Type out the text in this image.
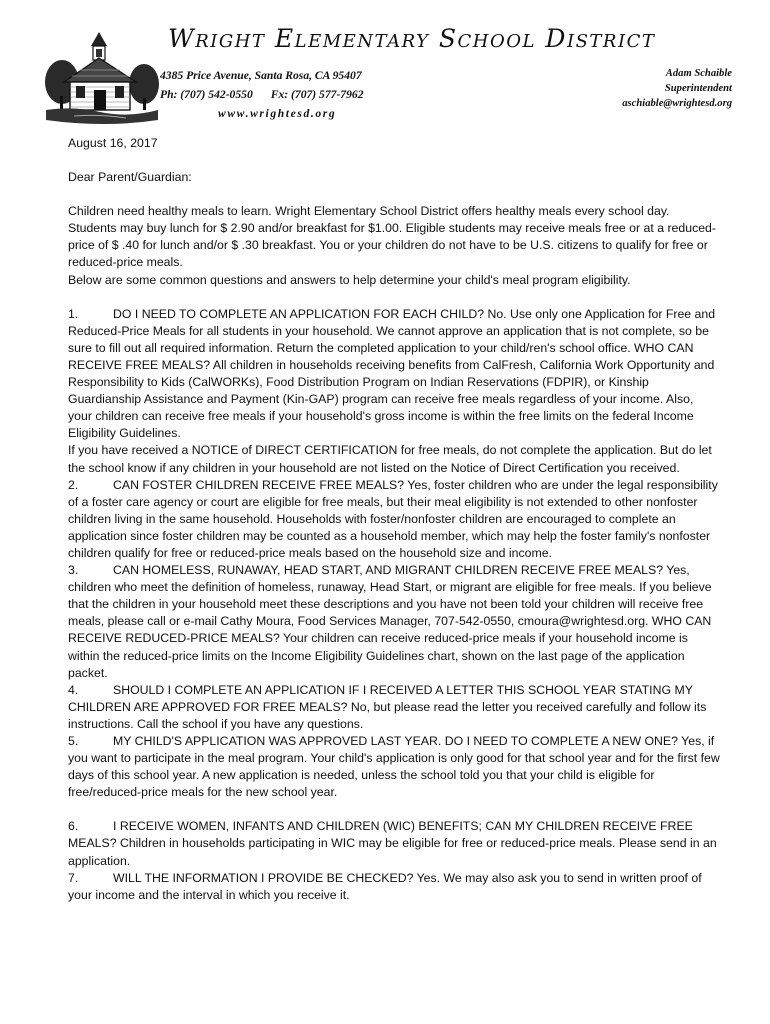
Wright Elementary School District
4385 Price Avenue, Santa Rosa, CA 95407
Ph: (707) 542-0550 Fx: (707) 577-7962
www.wrightesd.org
Adam Schaible
Superintendent
aschiable@wrightesd.org

August 16, 2017

Dear Parent/Guardian:

Children need healthy meals to learn. Wright Elementary School District offers healthy meals every school day. Students may buy lunch for $ 2.90 and/or breakfast for $1.00. Eligible students may receive meals free or at a reduced-price of $ .40 for lunch and/or $ .30 breakfast. You or your children do not have to be U.S. citizens to qualify for free or reduced-price meals.

Below are some common questions and answers to help determine your child's meal program eligibility.

1.	DO I NEED TO COMPLETE AN APPLICATION FOR EACH CHILD? No. Use only one Application for Free and Reduced-Price Meals for all students in your household. We cannot approve an application that is not complete, so be sure to fill out all required information. Return the completed application to your child/ren's school office. WHO CAN RECEIVE FREE MEALS? All children in households receiving benefits from CalFresh, California Work Opportunity and Responsibility to Kids (CalWORKs), Food Distribution Program on Indian Reservations (FDPIR), or Kinship Guardianship Assistance and Payment (Kin-GAP) program can receive free meals regardless of your income. Also, your children can receive free meals if your household's gross income is within the free limits on the federal Income Eligibility Guidelines.

If you have received a NOTICE of DIRECT CERTIFICATION for free meals, do not complete the application. But do let the school know if any children in your household are not listed on the Notice of Direct Certification you received.

2.	CAN FOSTER CHILDREN RECEIVE FREE MEALS? Yes, foster children who are under the legal responsibility of a foster care agency or court are eligible for free meals, but their meal eligibility is not extended to other nonfoster children living in the same household. Households with foster/nonfoster children are encouraged to complete an application since foster children may be counted as a household member, which may help the foster family's nonfoster children qualify for free or reduced-price meals based on the household size and income.

3.	CAN HOMELESS, RUNAWAY, HEAD START, AND MIGRANT CHILDREN RECEIVE FREE MEALS? Yes, children who meet the definition of homeless, runaway, Head Start, or migrant are eligible for free meals. If you believe that the children in your household meet these descriptions and you have not been told your children will receive free meals, please call or e-mail Cathy Moura, Food Services Manager, 707-542-0550, cmoura@wrightesd.org. WHO CAN RECEIVE REDUCED-PRICE MEALS? Your children can receive reduced-price meals if your household income is within the reduced-price limits on the Income Eligibility Guidelines chart, shown on the last page of the application packet.

4.	SHOULD I COMPLETE AN APPLICATION IF I RECEIVED A LETTER THIS SCHOOL YEAR STATING MY CHILDREN ARE APPROVED FOR FREE MEALS? No, but please read the letter you received carefully and follow its instructions. Call the school if you have any questions.

5.	MY CHILD'S APPLICATION WAS APPROVED LAST YEAR. DO I NEED TO COMPLETE A NEW ONE? Yes, if you want to participate in the meal program. Your child's application is only good for that school year and for the first few days of this school year. A new application is needed, unless the school told you that your child is eligible for free/reduced-price meals for the new school year.

6.	I RECEIVE WOMEN, INFANTS AND CHILDREN (WIC) BENEFITS; CAN MY CHILDREN RECEIVE FREE MEALS? Children in households participating in WIC may be eligible for free or reduced-price meals. Please send in an application.

7.	WILL THE INFORMATION I PROVIDE BE CHECKED? Yes. We may also ask you to send in written proof of your income and the interval in which you receive it.
